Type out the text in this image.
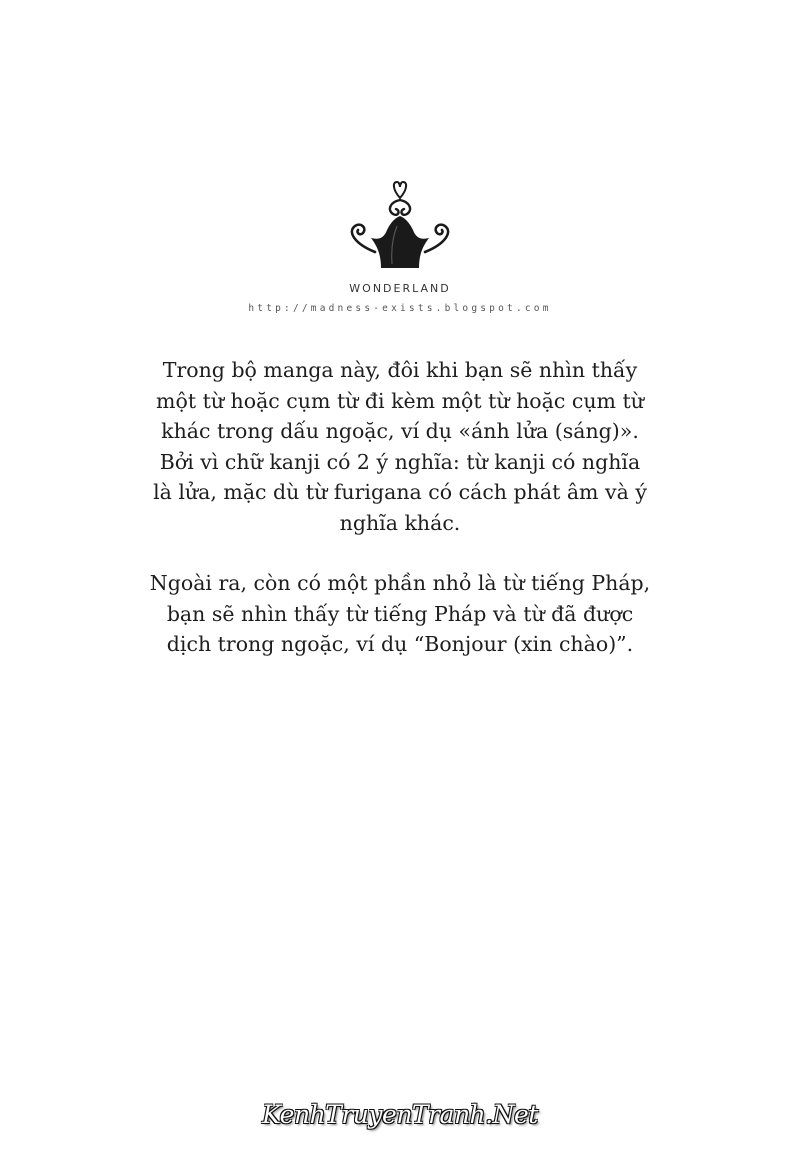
WONDERLAND
http://madness-exists.blogspot.com

Trong bộ manga này, đôi khi bạn sẽ nhìn thấy
một từ hoặc cụm từ đi kèm một từ hoặc cụm từ
khác trong dấu ngoặc, ví dụ «ánh lửa (sáng)».
Bởi vì chữ kanji có 2 ý nghĩa: từ kanji có nghĩa
là lửa, mặc dù từ furigana có cách phát âm và ý
nghĩa khác.

Ngoài ra, còn có một phần nhỏ là từ tiếng Pháp,
bạn sẽ nhìn thấy từ tiếng Pháp và từ đã được
dịch trong ngoặc, ví dụ “Bonjour (xin chào)”.

KenhTruyenTranh.Net
